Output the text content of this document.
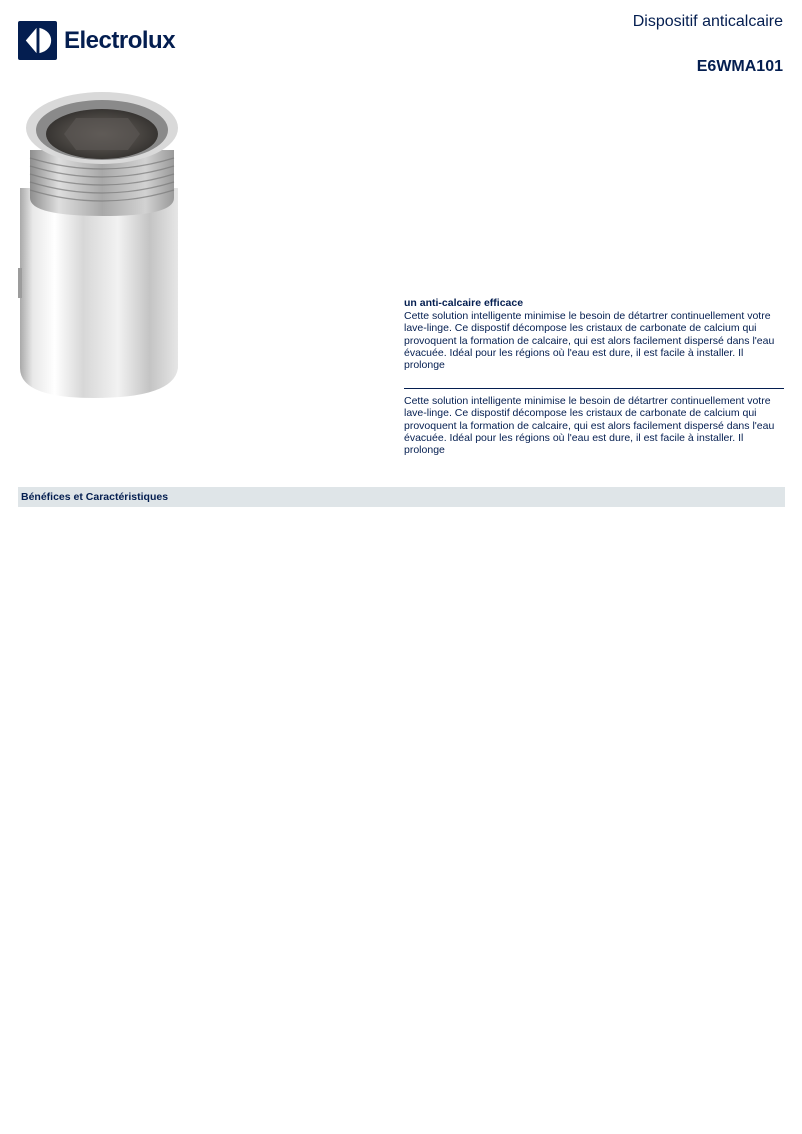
Electrolux
Dispositif anticalcaire
E6WMA101
un anti-calcaire efficace
Cette solution intelligente minimise le besoin de détartrer continuellement votre lave-linge. Ce dispostif décompose les cristaux de carbonate de calcium qui provoquent la formation de calcaire, qui est alors facilement dispersé dans l'eau évacuée. Idéal pour les régions où l'eau est dure, il est facile à installer. Il prolonge
Cette solution intelligente minimise le besoin de détartrer continuellement votre lave-linge. Ce dispostif décompose les cristaux de carbonate de calcium qui provoquent la formation de calcaire, qui est alors facilement dispersé dans l'eau évacuée. Idéal pour les régions où l'eau est dure, il est facile à installer. Il prolonge
Bénéfices et Caractéristiques
